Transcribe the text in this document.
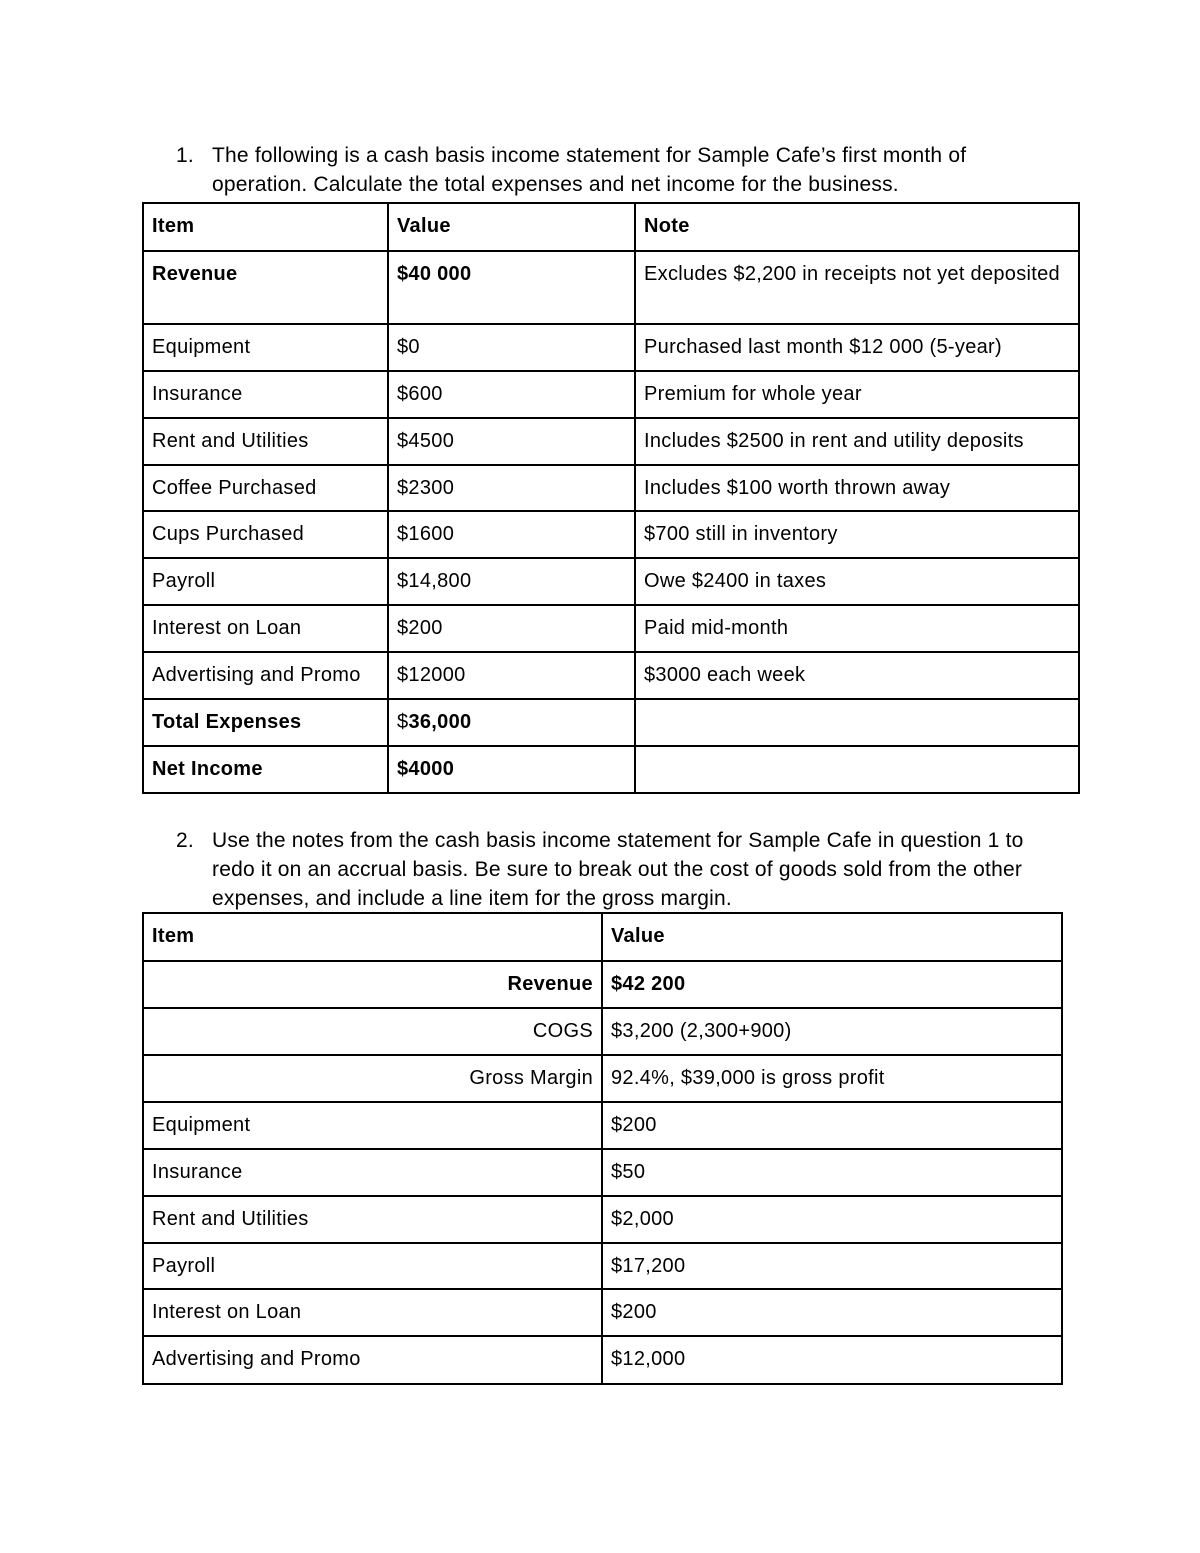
1. The following is a cash basis income statement for Sample Cafe’s first month of operation. Calculate the total expenses and net income for the business.
Item	Value	Note
Revenue	$40 000	Excludes $2,200 in receipts not yet deposited
Equipment	$0	Purchased last month $12 000 (5-year)
Insurance	$600	Premium for whole year
Rent and Utilities	$4500	Includes $2500 in rent and utility deposits
Coffee Purchased	$2300	Includes $100 worth thrown away
Cups Purchased	$1600	$700 still in inventory
Payroll	$14,800	Owe $2400 in taxes
Interest on Loan	$200	Paid mid-month
Advertising and Promo	$12000	$3000 each week
Total Expenses	$36,000	
Net Income	$4000	
2. Use the notes from the cash basis income statement for Sample Cafe in question 1 to redo it on an accrual basis. Be sure to break out the cost of goods sold from the other expenses, and include a line item for the gross margin.
Item	Value
Revenue	$42 200
COGS	$3,200 (2,300+900)
Gross Margin	92.4%, $39,000 is gross profit
Equipment	$200
Insurance	$50
Rent and Utilities	$2,000
Payroll	$17,200
Interest on Loan	$200
Advertising and Promo	$12,000
